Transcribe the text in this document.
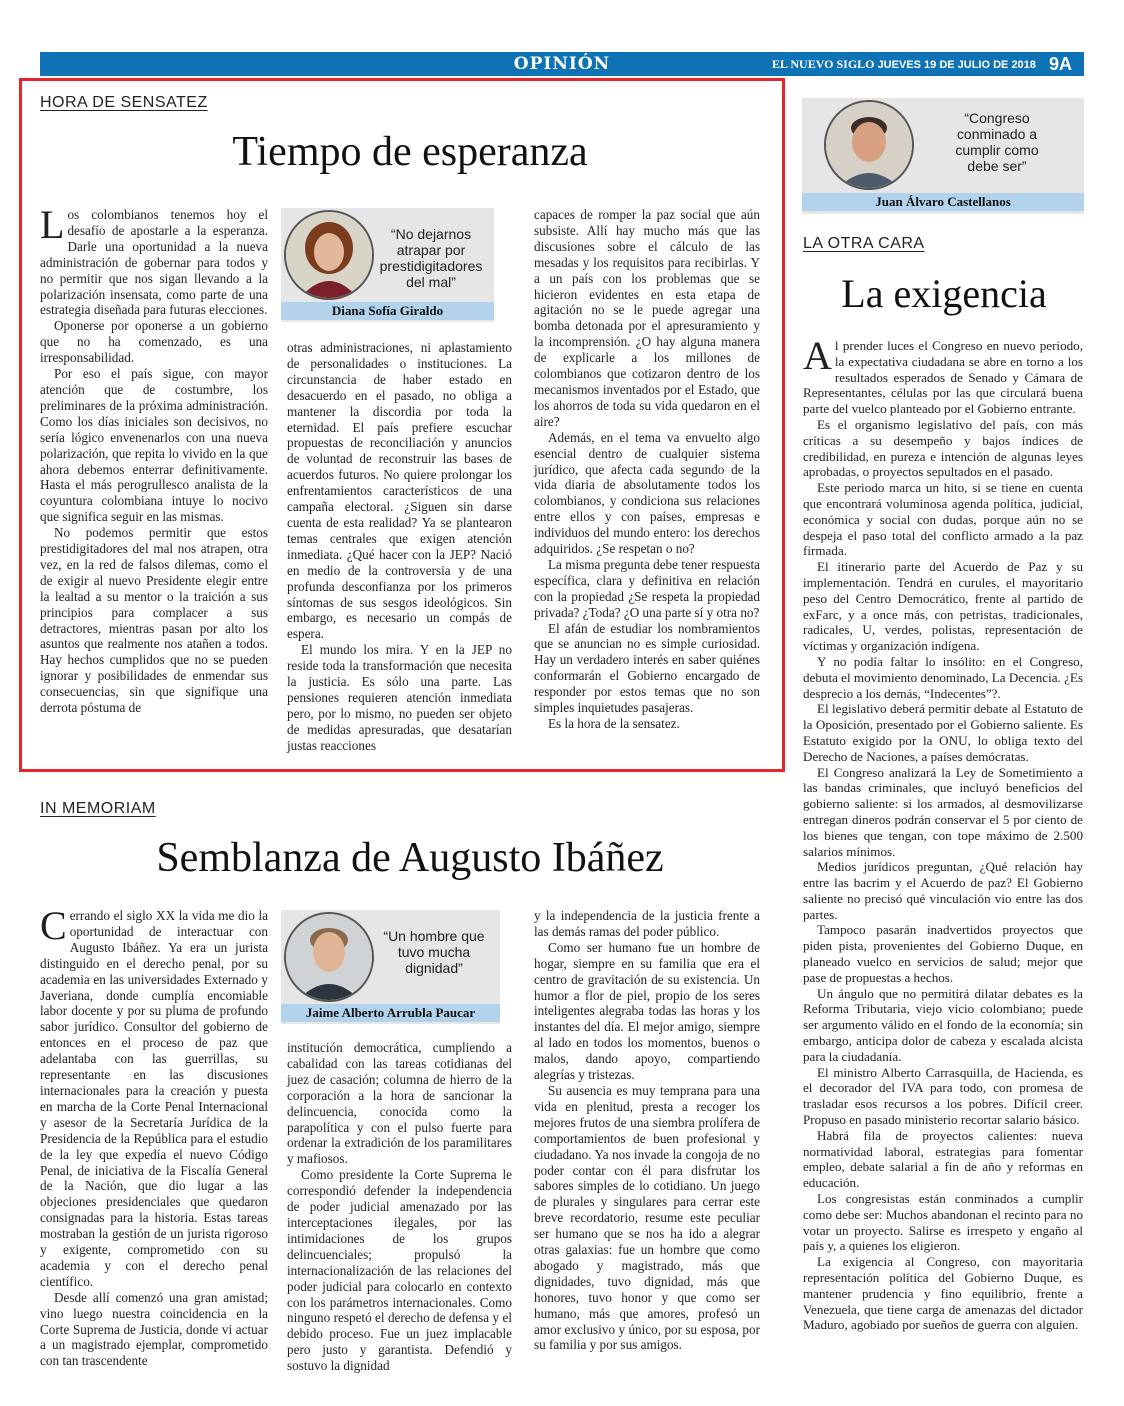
OPINIÓN	EL NUEVO SIGLO JUEVES 19 DE JULIO DE 2018 9A
HORA DE SENSATEZ
Tiempo de esperanza

Los colombianos tenemos hoy el desafío de apostarle a la esperanza. Darle una oportunidad a la nueva administración de gobernar para todos y no permitir que nos sigan llevando a la polarización insensata, como parte de una estrategia diseñada para futuras elecciones.

Oponerse por oponerse a un gobierno que no ha comenzado, es una irresponsabilidad.

Por eso el país sigue, con mayor atención que de costumbre, los preliminares de la próxima administración. Como los días iniciales son decisivos, no sería lógico envenenarlos con una nueva polarización, que repita lo vivido en la que ahora debemos enterrar definitivamente. Hasta el más perogrullesco analista de la coyuntura colombiana intuye lo nocivo que significa seguir en las mismas.

No podemos permitir que estos prestidigitadores del mal nos atrapen, otra vez, en la red de falsos dilemas, como el de exigir al nuevo Presidente elegir entre la lealtad a su mentor o la traición a sus principios para complacer a sus detractores, mientras pasan por alto los asuntos que realmente nos atañen a todos. Hay hechos cumplidos que no se pueden ignorar y posibilidades de enmendar sus consecuencias, sin que signifique una derrota póstuma de

“No dejarnos atrapar por prestidigitadores del mal”
Diana Sofía Giraldo

otras administraciones, ni aplastamiento de personalidades o instituciones. La circunstancia de haber estado en desacuerdo en el pasado, no obliga a mantener la discordia por toda la eternidad. El país prefiere escuchar propuestas de reconciliación y anuncios de voluntad de reconstruir las bases de acuerdos futuros. No quiere prolongar los enfrentamientos característicos de una campaña electoral. ¿Siguen sin darse cuenta de esta realidad? Ya se plantearon temas centrales que exigen atención inmediata. ¿Qué hacer con la JEP? Nació en medio de la controversia y de una profunda desconfianza por los primeros síntomas de sus sesgos ideológicos. Sin embargo, es necesario un compás de espera.

El mundo los mira. Y en la JEP no reside toda la transformación que necesita la justicia. Es sólo una parte. Las pensiones requieren atención inmediata pero, por lo mismo, no pueden ser objeto de medidas apresuradas, que desatarían justas reacciones

capaces de romper la paz social que aún subsiste. Allí hay mucho más que las discusiones sobre el cálculo de las mesadas y los requisitos para recibirlas. Y a un país con los problemas que se hicieron evidentes en esta etapa de agitación no se le puede agregar una bomba detonada por el apresuramiento y la incomprensión. ¿O hay alguna manera de explicarle a los millones de colombianos que cotizaron dentro de los mecanismos inventados por el Estado, que los ahorros de toda su vida quedaron en el aire?

Además, en el tema va envuelto algo esencial dentro de cualquier sistema jurídico, que afecta cada segundo de la vida diaria de absolutamente todos los colombianos, y condiciona sus relaciones entre ellos y con países, empresas e individuos del mundo entero: los derechos adquiridos. ¿Se respetan o no?

La misma pregunta debe tener respuesta específica, clara y definitiva en relación con la propiedad ¿Se respeta la propiedad privada? ¿Toda? ¿O una parte sí y otra no?

El afán de estudiar los nombramientos que se anuncian no es simple curiosidad. Hay un verdadero interés en saber quiénes conformarán el Gobierno encargado de responder por estos temas que no son simples inquietudes pasajeras.

Es la hora de la sensatez.

IN MEMORIAM
Semblanza de Augusto Ibáñez

Cerrando el siglo XX la vida me dio la oportunidad de interactuar con Augusto Ibáñez. Ya era un jurista distinguido en el derecho penal, por su academia en las universidades Externado y Javeriana, donde cumplía encomiable labor docente y por su pluma de profundo sabor jurídico. Consultor del gobierno de entonces en el proceso de paz que adelantaba con las guerrillas, su representante en las discusiones internacionales para la creación y puesta en marcha de la Corte Penal Internacional y asesor de la Secretaría Jurídica de la Presidencia de la República para el estudio de la ley que expedía el nuevo Código Penal, de iniciativa de la Fiscalía General de la Nación, que dio lugar a las objeciones presidenciales que quedaron consignadas para la historia. Estas tareas mostraban la gestión de un jurista rigoroso y exigente, comprometido con su academia y con el derecho penal científico.

Desde allí comenzó una gran amistad; vino luego nuestra coincidencia en la Corte Suprema de Justicia, donde vi actuar a un magistrado ejemplar, comprometido con tan trascendente

“Un hombre que tuvo mucha dignidad”
Jaime Alberto Arrubla Paucar

institución democrática, cumpliendo a cabalidad con las tareas cotidianas del juez de casación; columna de hierro de la corporación a la hora de sancionar la delincuencia, conocida como la parapolítica y con el pulso fuerte para ordenar la extradición de los paramilitares y mafiosos.

Como presidente la Corte Suprema le correspondió defender la independencia de poder judicial amenazado por las interceptaciones ilegales, por las intimidaciones de los grupos delincuenciales; propulsó la internacionalización de las relaciones del poder judicial para colocarlo en contexto con los parámetros internacionales. Como ninguno respetó el derecho de defensa y el debido proceso. Fue un juez implacable pero justo y garantista. Defendió y sostuvo la dignidad

y la independencia de la justicia frente a las demás ramas del poder público.

Como ser humano fue un hombre de hogar, siempre en su familia que era el centro de gravitación de su existencia. Un humor a flor de piel, propio de los seres inteligentes alegraba todas las horas y los instantes del día. El mejor amigo, siempre al lado en todos los momentos, buenos o malos, dando apoyo, compartiendo alegrías y tristezas.

Su ausencia es muy temprana para una vida en plenitud, presta a recoger los mejores frutos de una siembra prolífera de comportamientos de buen profesional y ciudadano. Ya nos invade la congoja de no poder contar con él para disfrutar los sabores simples de lo cotidiano. Un juego de plurales y singulares para cerrar este breve recordatorio, resume este peculiar ser humano que se nos ha ido a alegrar otras galaxias: fue un hombre que como abogado y magistrado, más que dignidades, tuvo dignidad, más que honores, tuvo honor y que como ser humano, más que amores, profesó un amor exclusivo y único, por su esposa, por su familia y por sus amigos.

“Congreso conminado a cumplir como debe ser”
Juan Álvaro Castellanos
LA OTRA CARA
La exigencia

Al prender luces el Congreso en nuevo periodo, la expectativa ciudadana se abre en torno a los resultados esperados de Senado y Cámara de Representantes, células por las que circulará buena parte del vuelco planteado por el Gobierno entrante.

Es el organismo legislativo del país, con más críticas a su desempeño y bajos índices de credibilidad, en pureza e intención de algunas leyes aprobadas, o proyectos sepultados en el pasado.

Este periodo marca un hito, si se tiene en cuenta que encontrará voluminosa agenda política, judicial, económica y social con dudas, porque aún no se despeja el paso total del conflicto armado a la paz firmada.

El itinerario parte del Acuerdo de Paz y su implementación. Tendrá en curules, el mayoritario peso del Centro Democrático, frente al partido de exFarc, y a once más, con petristas, tradicionales, radicales, U, verdes, polistas, representación de víctimas y organización indígena.

Y no podía faltar lo insólito: en el Congreso, debuta el movimiento denominado, La Decencia. ¿Es desprecio a los demás, “Indecentes”?.

El legislativo deberá permitir debate al Estatuto de la Oposición, presentado por el Gobierno saliente. Es Estatuto exigido por la ONU, lo obliga texto del Derecho de Naciones, a países demócratas.

El Congreso analizará la Ley de Sometimiento a las bandas criminales, que incluyó beneficios del gobierno saliente: si los armados, al desmovilizarse entregan dineros podrán conservar el 5 por ciento de los bienes que tengan, con tope máximo de 2.500 salarios mínimos.

Medios jurídicos preguntan, ¿Qué relación hay entre las bacrim y el Acuerdo de paz? El Gobierno saliente no precisó qué vinculación vio entre las dos partes.

Tampoco pasarán inadvertidos proyectos que piden pista, provenientes del Gobierno Duque, en planeado vuelco en servicios de salud; mejor que pase de propuestas a hechos.

Un ángulo que no permitirá dilatar debates es la Reforma Tributaria, viejo vicio colombiano; puede ser argumento válido en el fondo de la economía; sin embargo, anticipa dolor de cabeza y escalada alcista para la ciudadanía.

El ministro Alberto Carrasquilla, de Hacienda, es el decorador del IVA para todo, con promesa de trasladar esos recursos a los pobres. Difícil creer. Propuso en pasado ministerio recortar salario básico.

Habrá fila de proyectos calientes: nueva normatividad laboral, estrategias para fomentar empleo, debate salarial a fin de año y reformas en educación.

Los congresistas están conminados a cumplir como debe ser: Muchos abandonan el recinto para no votar un proyecto. Salirse es irrespeto y engaño al país y, a quienes los eligieron.

La exigencia al Congreso, con mayoritaria representación política del Gobierno Duque, es mantener prudencia y fino equilibrio, frente a Venezuela, que tiene carga de amenazas del dictador Maduro, agobiado por sueños de guerra con alguien.
